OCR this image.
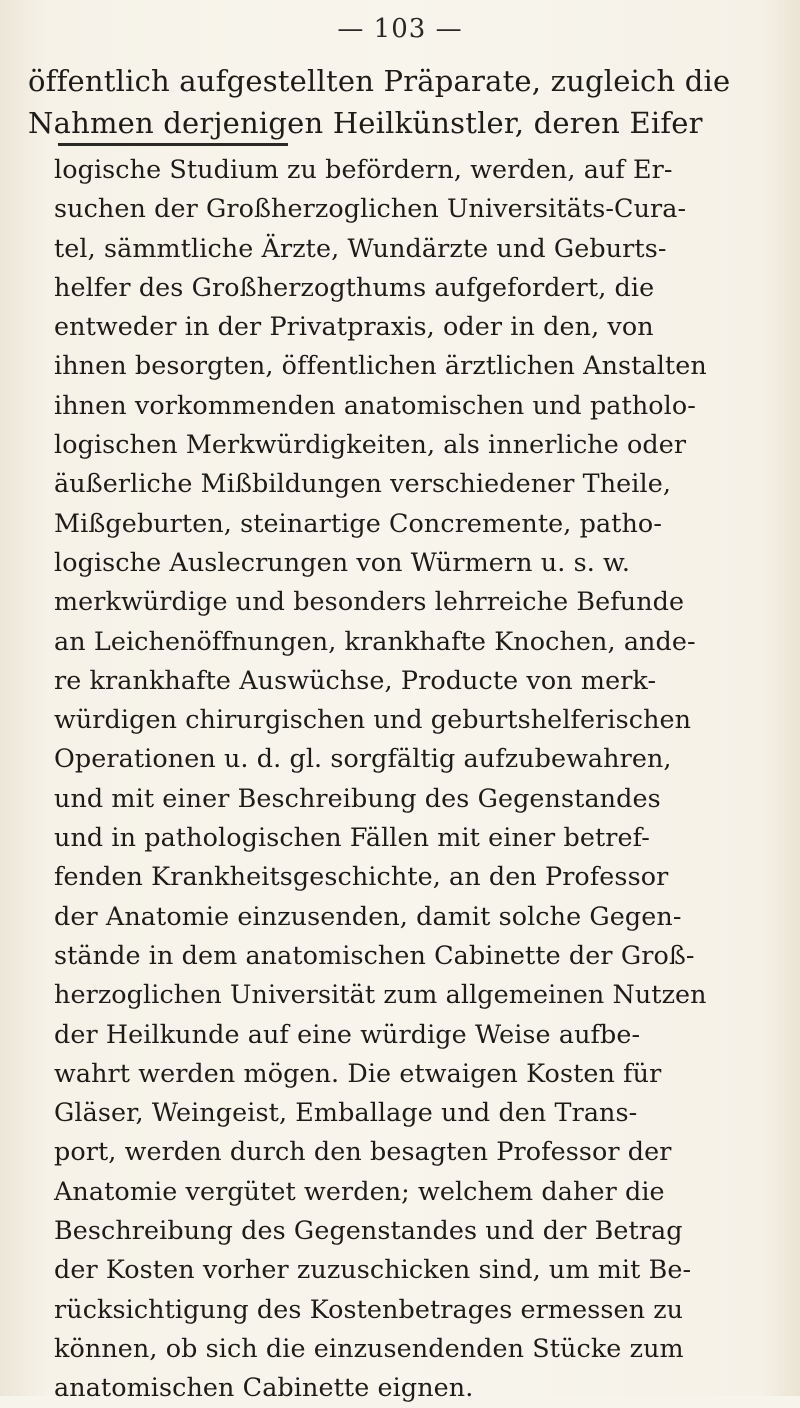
— 103 —
öffentlich aufgestellten Präparate, zugleich die
Nahmen derjenigen Heilkünstler, deren Eifer
logische Studium zu befördern, werden, auf Er-
suchen der Großherzoglichen Universitäts-Cura-
tel, sämmtliche Ärzte, Wundärzte und Geburts-
helfer des Großherzogthums aufgefordert, die
entweder in der Privatpraxis, oder in den, von
ihnen besorgten, öffentlichen ärztlichen Anstalten
ihnen vorkommenden anatomischen und patholo-
logischen Merkwürdigkeiten, als innerliche oder
äußerliche Mißbildungen verschiedener Theile,
Mißgeburten, steinartige Concremente, patho-
logische Auslecrungen von Würmern u. s. w.
merkwürdige und besonders lehrreiche Befunde
an Leichenöffnungen, krankhafte Knochen, ande-
re krankhafte Auswüchse, Producte von merk-
würdigen chirurgischen und geburtshelferischen
Operationen u. d. gl. sorgfältig aufzubewahren,
und mit einer Beschreibung des Gegenstandes
und in pathologischen Fällen mit einer betref-
fenden Krankheitsgeschichte, an den Professor
der Anatomie einzusenden, damit solche Gegen-
stände in dem anatomischen Cabinette der Groß-
herzoglichen Universität zum allgemeinen Nutzen
der Heilkunde auf eine würdige Weise aufbe-
wahrt werden mögen. Die etwaigen Kosten für
Gläser, Weingeist, Emballage und den Trans-
port, werden durch den besagten Professor der
Anatomie vergütet werden; welchem daher die
Beschreibung des Gegenstandes und der Betrag
der Kosten vorher zuzuschicken sind, um mit Be-
rücksichtigung des Kostenbetrages ermessen zu
können, ob sich die einzusendenden Stücke zum
anatomischen Cabinette eignen.
